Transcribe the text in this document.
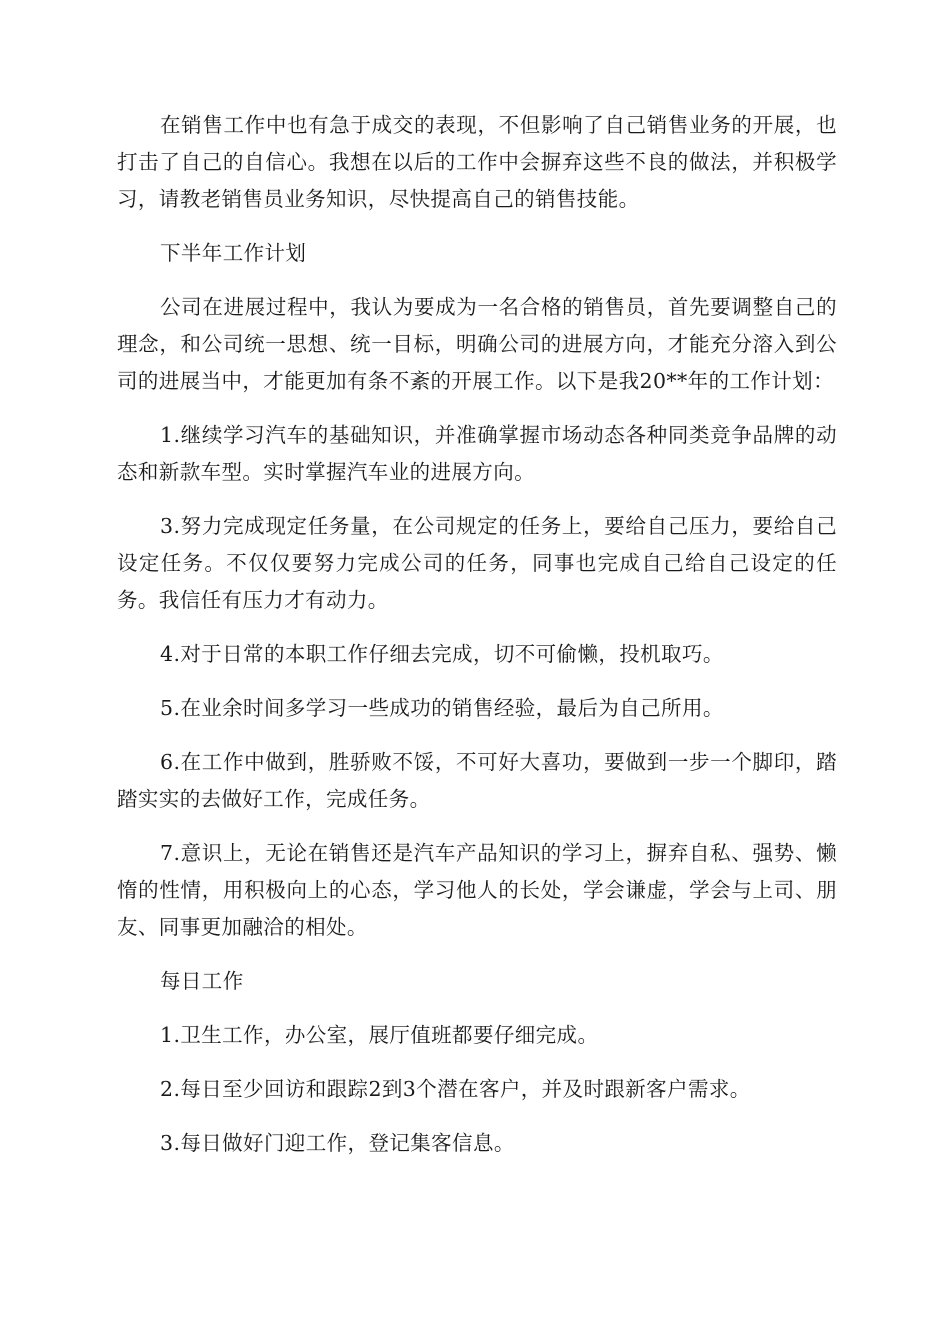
在销售工作中也有急于成交的表现，不但影响了自己销售业务的开展，也打击了自己的自信心。我想在以后的工作中会摒弃这些不良的做法，并积极学习，请教老销售员业务知识，尽快提高自己的销售技能。

下半年工作计划

公司在进展过程中，我认为要成为一名合格的销售员，首先要调整自己的理念，和公司统一思想、统一目标，明确公司的进展方向，才能充分溶入到公司的进展当中，才能更加有条不紊的开展工作。以下是我20**年的工作计划：

1.继续学习汽车的基础知识，并准确掌握市场动态各种同类竞争品牌的动态和新款车型。实时掌握汽车业的进展方向。

3.努力完成现定任务量，在公司规定的任务上，要给自己压力，要给自己设定任务。不仅仅要努力完成公司的任务，同事也完成自己给自己设定的任务。我信任有压力才有动力。

4.对于日常的本职工作仔细去完成，切不可偷懒，投机取巧。

5.在业余时间多学习一些成功的销售经验，最后为自己所用。

6.在工作中做到，胜骄败不馁，不可好大喜功，要做到一步一个脚印，踏踏实实的去做好工作，完成任务。

7.意识上，无论在销售还是汽车产品知识的学习上，摒弃自私、强势、懒惰的性情，用积极向上的心态，学习他人的长处，学会谦虚，学会与上司、朋友、同事更加融洽的相处。

每日工作

1.卫生工作，办公室，展厅值班都要仔细完成。

2.每日至少回访和跟踪2到3个潜在客户，并及时跟新客户需求。

3.每日做好门迎工作，登记集客信息。
